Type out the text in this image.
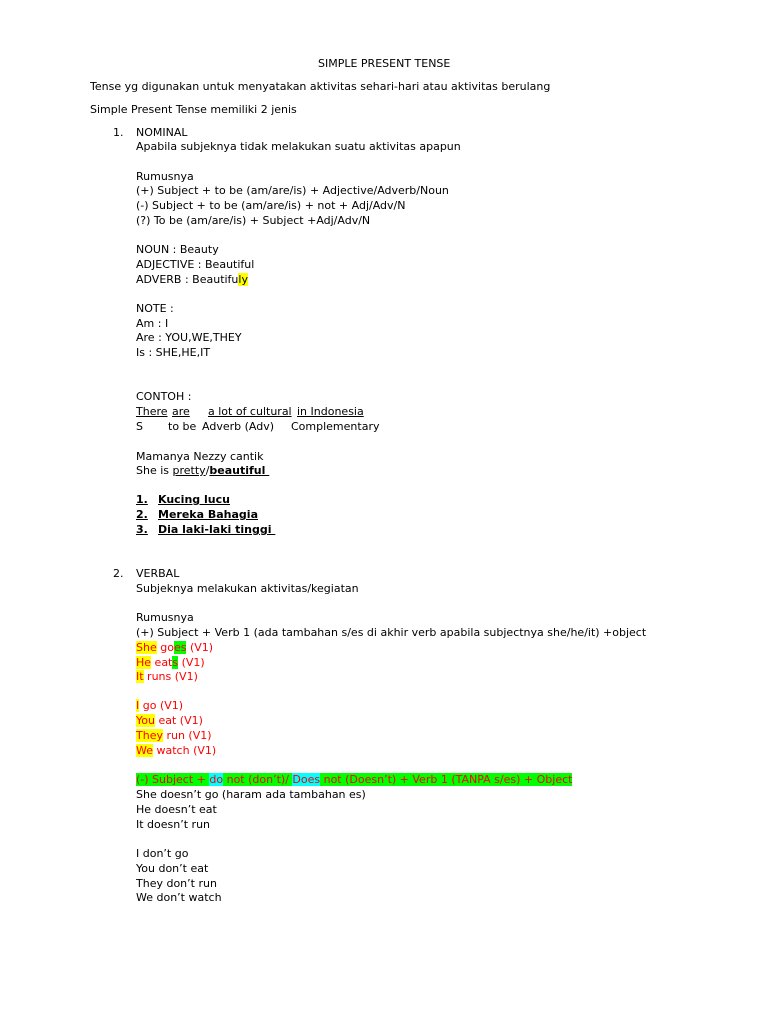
SIMPLE PRESENT TENSE
Tense yg digunakan untuk menyatakan aktivitas sehari-hari atau aktivitas berulang
Simple Present Tense memiliki 2 jenis
1. NOMINAL
Apabila subjeknya tidak melakukan suatu aktivitas apapun
Rumusnya
(+) Subject + to be (am/are/is) + Adjective/Adverb/Noun
(-) Subject + to be (am/are/is) + not + Adj/Adv/N
(?) To be (am/are/is) + Subject +Adj/Adv/N
NOUN : Beauty
ADJECTIVE : Beautiful
ADVERB : Beautifuly
NOTE :
Am : I
Are : YOU,WE,THEY
Is : SHE,HE,IT
CONTOH :
There are a lot of cultural in Indonesia
S to be Adverb (Adv) Complementary
Mamanya Nezzy cantik
She is pretty/beautiful
1. Kucing lucu
2. Mereka Bahagia
3. Dia laki-laki tinggi
2. VERBAL
Subjeknya melakukan aktivitas/kegiatan
Rumusnya
(+) Subject + Verb 1 (ada tambahan s/es di akhir verb apabila subjectnya she/he/it) +object
She goes (V1)
He eats (V1)
It runs (V1)
I go (V1)
You eat (V1)
They run (V1)
We watch (V1)
(-) Subject + do not (don’t)/ Does not (Doesn’t) + Verb 1 (TANPA s/es) + Object
She doesn’t go (haram ada tambahan es)
He doesn’t eat
It doesn’t run
I don’t go
You don’t eat
They don’t run
We don’t watch
